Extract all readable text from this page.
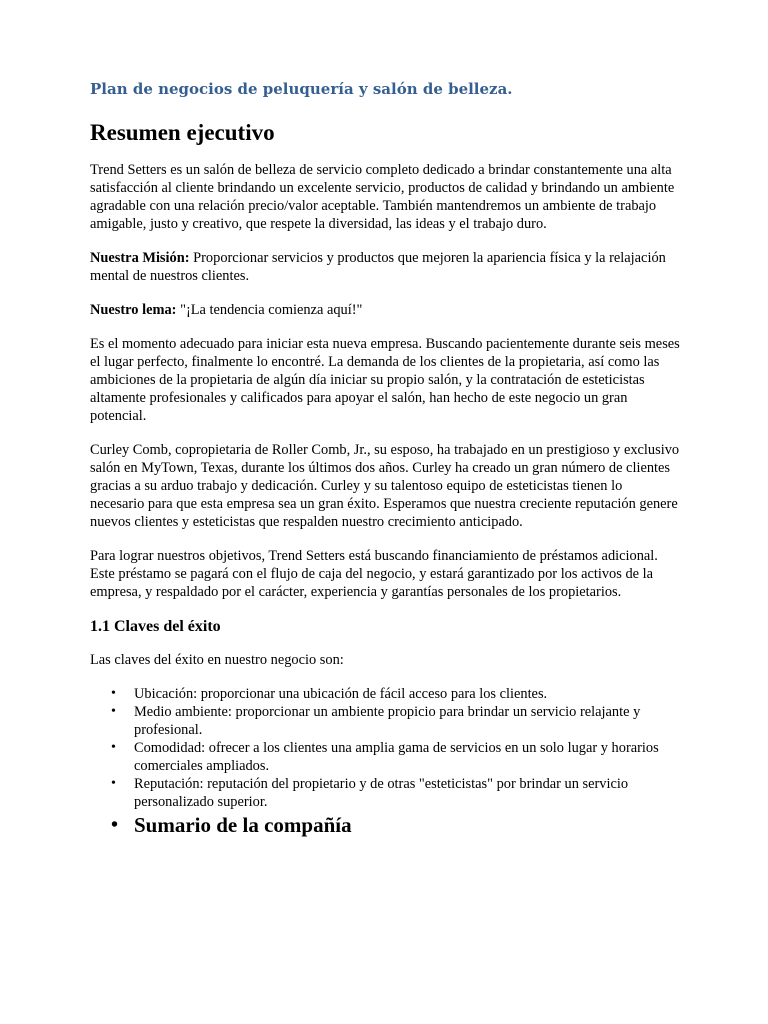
Plan de negocios de peluquería y salón de belleza.
Resumen ejecutivo

Trend Setters es un salón de belleza de servicio completo dedicado a brindar constantemente una alta satisfacción al cliente brindando un excelente servicio, productos de calidad y brindando un ambiente agradable con una relación precio/valor aceptable. También mantendremos un ambiente de trabajo amigable, justo y creativo, que respete la diversidad, las ideas y el trabajo duro.

Nuestra Misión: Proporcionar servicios y productos que mejoren la apariencia física y la relajación mental de nuestros clientes.

Nuestro lema: "¡La tendencia comienza aquí!"

Es el momento adecuado para iniciar esta nueva empresa. Buscando pacientemente durante seis meses el lugar perfecto, finalmente lo encontré. La demanda de los clientes de la propietaria, así como las ambiciones de la propietaria de algún día iniciar su propio salón, y la contratación de esteticistas altamente profesionales y calificados para apoyar el salón, han hecho de este negocio un gran potencial.

Curley Comb, copropietaria de Roller Comb, Jr., su esposo, ha trabajado en un prestigioso y exclusivo salón en MyTown, Texas, durante los últimos dos años. Curley ha creado un gran número de clientes gracias a su arduo trabajo y dedicación. Curley y su talentoso equipo de esteticistas tienen lo necesario para que esta empresa sea un gran éxito. Esperamos que nuestra creciente reputación genere nuevos clientes y esteticistas que respalden nuestro crecimiento anticipado.

Para lograr nuestros objetivos, Trend Setters está buscando financiamiento de préstamos adicional. Este préstamo se pagará con el flujo de caja del negocio, y estará garantizado por los activos de la empresa, y respaldado por el carácter, experiencia y garantías personales de los propietarios.

1.1 Claves del éxito

Las claves del éxito en nuestro negocio son:

• Ubicación: proporcionar una ubicación de fácil acceso para los clientes.
• Medio ambiente: proporcionar un ambiente propicio para brindar un servicio relajante y profesional.
• Comodidad: ofrecer a los clientes una amplia gama de servicios en un solo lugar y horarios comerciales ampliados.
• Reputación: reputación del propietario y de otras "esteticistas" por brindar un servicio personalizado superior.
• Sumario de la compañía
